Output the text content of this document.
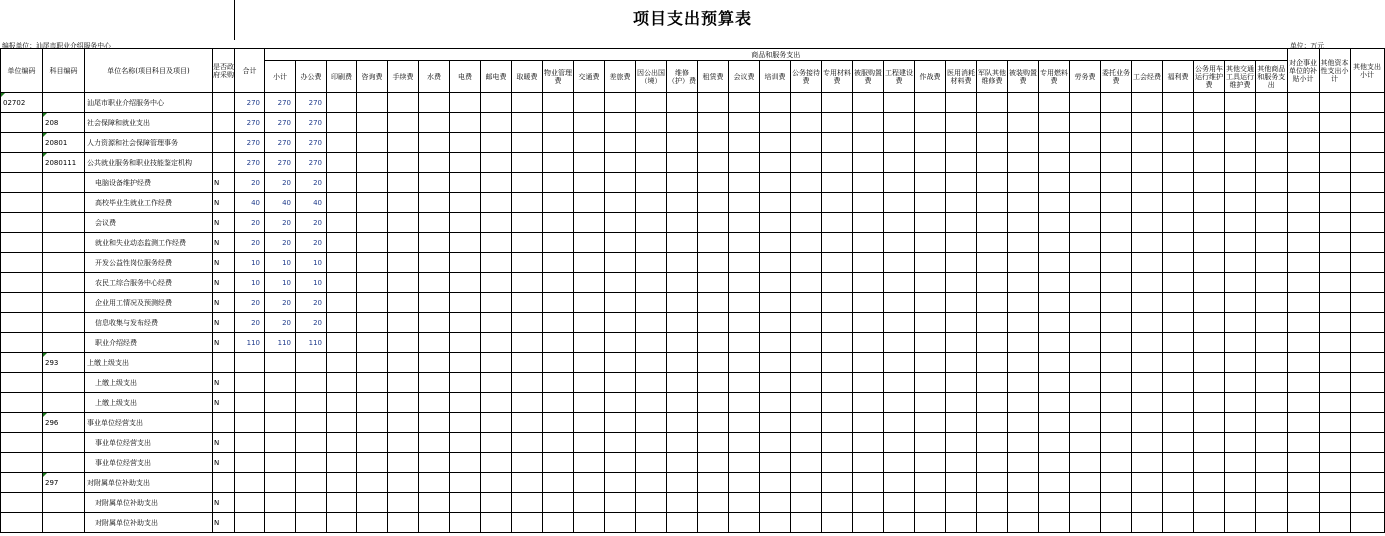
项目支出预算表
编报单位：汕尾市职业介绍服务中心	单位：万元
单位编码	科目编码	单位名称(项目科目及项目)	是否政府采购	合计	商品和服务支出																																	对企事业单位的补贴小计	其他资本性支出小计	其他支出小计
					小计	办公费	印刷费	咨询费	手续费	水费	电费	邮电费	取暖费	物业管理费	交通费	差旅费	因公出国（境）	维修（护）费	租赁费	会议费	培训费	公务接待费	专用材料费	被服购置费	工程建设费	作战费	医用消耗材料费	军队其他维修费	被装购置费	专用燃料费	劳务费	委托业务费	工会经费	福利费	公务用车运行维护费	其他交通工具运行维护费	其他商品和服务支出			
02702		汕尾市职业介绍服务中心		270	270	270																																		
	208	社会保障和就业支出		270	270	270																																		
	20801	人力资源和社会保障管理事务		270	270	270																																		
	2080111	公共就业服务和职业技能鉴定机构		270	270	270																																		
		电脑设备维护经费	N	20	20	20																																		
		高校毕业生就业工作经费	N	40	40	40																																		
		会议费	N	20	20	20																																		
		就业和失业动态监测工作经费	N	20	20	20																																		
		开发公益性岗位服务经费	N	10	10	10																																		
		农民工综合服务中心经费	N	10	10	10																																		
		企业用工情况及预测经费	N	20	20	20																																		
		信息收集与发布经费	N	20	20	20																																		
		职业介绍经费	N	110	110	110																																		
	293	上缴上级支出																																						
		上缴上级支出	N																																					
		上缴上级支出	N																																					
	296	事业单位经营支出																																						
		事业单位经营支出	N																																					
		事业单位经营支出	N																																					
	297	对附属单位补助支出																																						
		对附属单位补助支出	N																																					
		对附属单位补助支出	N																																					
